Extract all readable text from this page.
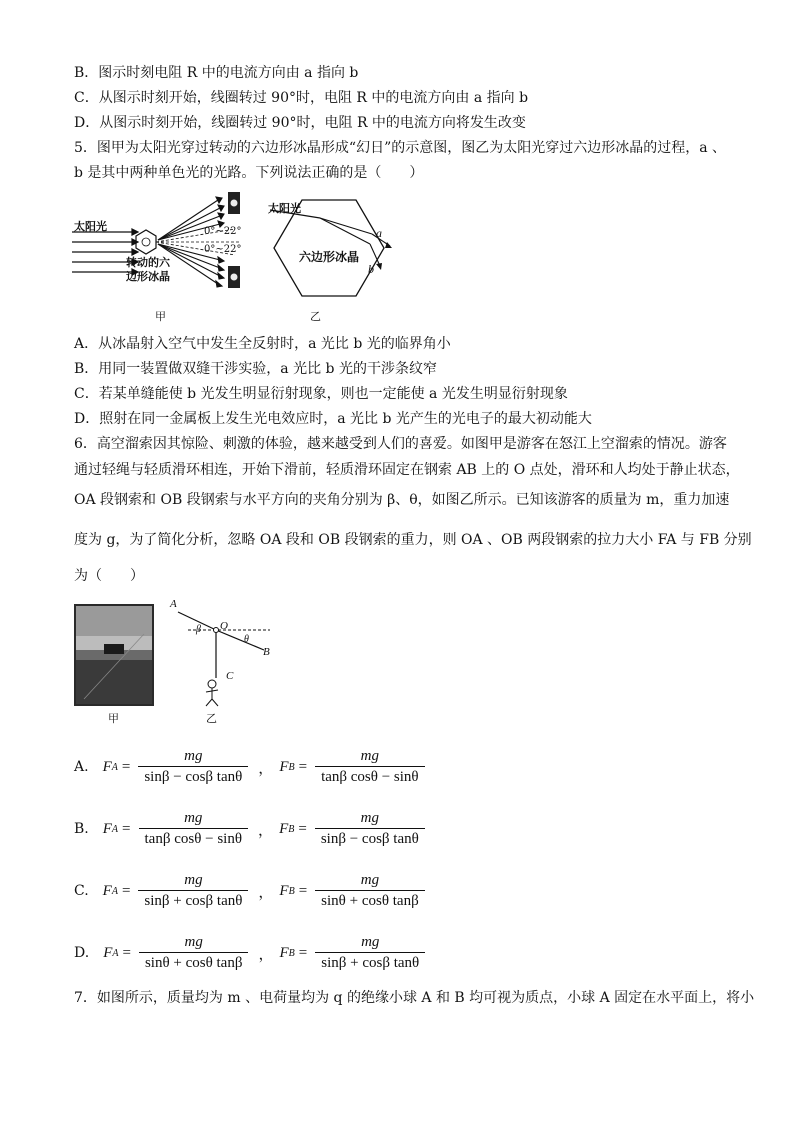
B．图示时刻电阻 R 中的电流方向由 a 指向 b
C．从图示时刻开始，线圈转过 90°时，电阻 R 中的电流方向由 a 指向 b
D．从图示时刻开始，线圈转过 90°时，电阻 R 中的电流方向将发生改变
5．图甲为太阳光穿过转动的六边形冰晶形成“幻日”的示意图，图乙为太阳光穿过六边形冰晶的过程，a 、
b 是其中两种单色光的光路。下列说法正确的是（　　）
太阳光
转动的六
边形冰晶
0°~22°
0°~22°
甲
太阳光
六边形冰晶
a
b
乙
A．从冰晶射入空气中发生全反射时，a 光比 b 光的临界角小
B．用同一装置做双缝干涉实验，a 光比 b 光的干涉条纹窄
C．若某单缝能使 b 光发生明显衍射现象，则也一定能使 a 光发生明显衍射现象
D．照射在同一金属板上发生光电效应时，a 光比 b 光产生的光电子的最大初动能大
6．高空溜索因其惊险、刺激的体验，越来越受到人们的喜爱。如图甲是游客在怒江上空溜索的情况。游客
通过轻绳与轻质滑环相连，开始下滑前，轻质滑环固定在钢索 AB 上的 O 点处，滑环和人均处于静止状态，
OA 段钢索和 OB 段钢索与水平方向的夹角分别为 β、θ，如图乙所示。已知该游客的质量为 m，重力加速
度为 g，为了简化分析，忽略 OA 段和 OB 段钢索的重力，则 OA 、OB 两段钢索的拉力大小 FA 与 FB 分别
为（　　）
甲
A
O
B
C
β
θ
乙
A. F $A = \frac{mg}{\text{sinβ − cosβ tanθ}}$ ， F $B = \frac{mg}{\text{tanβ cosθ − sinθ}}$
B. F $A = \frac{mg}{\text{tanβ cosθ − sinθ}}$ ， F $B = \frac{mg}{\text{sinβ − cosβ tanθ}}$
C. F $A = \frac{mg}{\text{sinβ + cosβ tanθ}}$ ， F $B = \frac{mg}{\text{sinθ + cosθ tanβ}}$
D. F $A = \frac{mg}{\text{sinθ + cosθ tanβ}}$ ， F $B = \frac{mg}{\text{sinβ + cosβ tanθ}}$
7．如图所示，质量均为 m 、电荷量均为 q 的绝缘小球 A 和 B 均可视为质点，小球 A 固定在水平面上，将小
